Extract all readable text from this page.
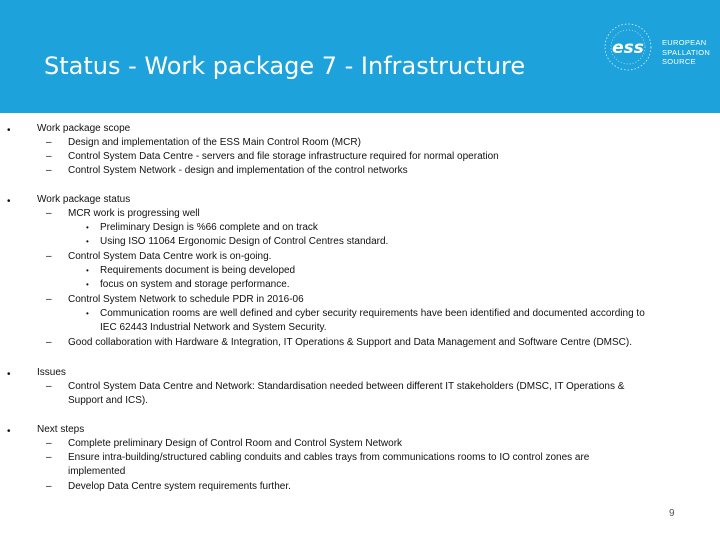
Status - Work package 7 - Infrastructure
ess EUROPEAN
SPALLATION
SOURCE
•	Work package scope
– Design and implementation of the ESS Main Control Room (MCR)
– Control System Data Centre - servers and file storage infrastructure required for normal operation
– Control System Network - design and implementation of the control networks
•	Work package status
– MCR work is progressing well
• Preliminary Design is %66 complete and on track
• Using ISO 11064 Ergonomic Design of Control Centres standard.
– Control System Data Centre work is on-going.
• Requirements document is being developed
• focus on system and storage performance.
– Control System Network to schedule PDR in 2016-06
• Communication rooms are well defined and cyber security requirements have been identified and documented according to
IEC 62443 Industrial Network and System Security.
– Good collaboration with Hardware & Integration, IT Operations & Support and Data Management and Software Centre (DMSC).
•	Issues
– Control System Data Centre and Network: Standardisation needed between different IT stakeholders (DMSC, IT Operations &
Support and ICS).
•	Next steps
– Complete preliminary Design of Control Room and Control System Network
– Ensure intra-building/structured cabling conduits and cables trays from communications rooms to IO control zones are
implemented
– Develop Data Centre system requirements further.
9
